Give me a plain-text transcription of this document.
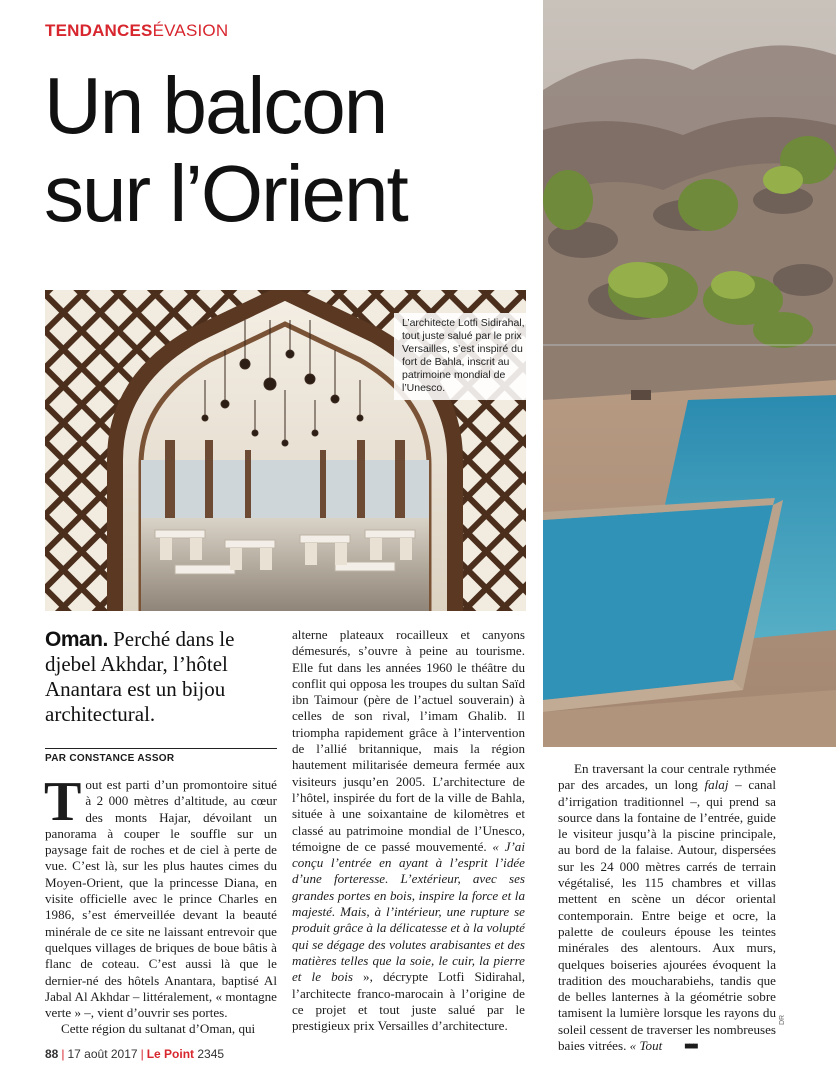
TENDANCESÉVASION
Un balcon
sur l’Orient
L’architecte Lotfi Sidirahal, tout juste salué par le prix Versailles, s’est inspiré du fort de Bahla, inscrit au patrimoine mondial de l’Unesco.
Oman. Perché dans le djebel Akhdar, l’hôtel Anantara est un bijou architectural.
PAR CONSTANCE ASSOR

Tout est parti d’un promontoire situé à 2 000 mètres d’altitude, au cœur des monts Hajar, dévoilant un panorama à couper le souffle sur un paysage fait de roches et de ciel à perte de vue. C’est là, sur les plus hautes cimes du Moyen-Orient, que la princesse Diana, en visite officielle avec le prince Charles en 1986, s’est émerveillée devant la beauté minérale de ce site ne laissant entrevoir que quelques villages de briques de boue bâtis à flanc de coteau. C’est aussi là que le dernier-né des hôtels Anantara, baptisé Al Jabal Al Akhdar – littéralement, « montagne verte » –, vient d’ouvrir ses portes.

Cette région du sultanat d’Oman, qui

alterne plateaux rocailleux et canyons démesurés, s’ouvre à peine au tourisme. Elle fut dans les années 1960 le théâtre du conflit qui opposa les troupes du sultan Saïd ibn Taimour (père de l’actuel souverain) à celles de son rival, l’imam Ghalib. Il triompha rapidement grâce à l’intervention de l’allié britannique, mais la région hautement militarisée demeura fermée aux visiteurs jusqu’en 2005. L’architecture de l’hôtel, inspirée du fort de la ville de Bahla, située à une soixantaine de kilomètres et classé au patrimoine mondial de l’Unesco, témoigne de ce passé mouvementé. « J’ai conçu l’entrée en ayant à l’esprit l’idée d’une forteresse. L’extérieur, avec ses grandes portes en bois, inspire la force et la majesté. Mais, à l’intérieur, une rupture se produit grâce à la délicatesse et à la volupté qui se dégage des volutes arabisantes et des matières telles que la soie, le cuir, la pierre et le bois », décrypte Lotfi Sidirahal, l’architecte franco-marocain à l’origine de ce projet et tout juste salué par le prestigieux prix Versailles d’architecture.

En traversant la cour centrale rythmée par des arcades, un long falaj – canal d’irrigation traditionnel –, qui prend sa source dans la fontaine de l’entrée, guide le visiteur jusqu’à la piscine principale, au bord de la falaise. Autour, dispersées sur les 24 000 mètres carrés de terrain végétalisé, les 115 chambres et villas mettent en scène un décor oriental contemporain. Entre beige et ocre, la palette de couleurs épouse les teintes minérales des alentours. Aux murs, quelques boiseries ajourées évoquent la tradition des moucharabiehs, tandis que de belles lanternes à la géométrie sobre tamisent la lumière lorsque les rayons du soleil cessent de traverser les nombreuses baies vitrées. « Tout ■■■

DR
88 | 17 août 2017 | Le Point 2345
